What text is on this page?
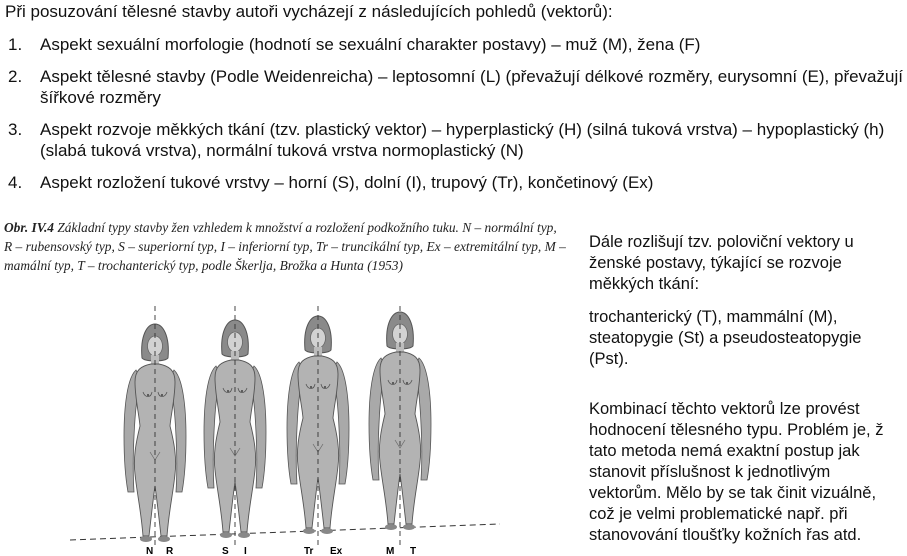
Při posuzování tělesné stavby autoři vycházejí z následujících pohledů (vektorů):
1. Aspekt sexuální morfologie (hodnotí se sexuální charakter postavy) – muž (M), žena (F)
2. Aspekt tělesné stavby (Podle Weidenreicha) – leptosomní (L) (převažují délkové rozměry, eurysomní (E), převažují šířkové rozměry
3. Aspekt rozvoje měkkých tkání (tzv. plastický vektor) – hyperplastický (H) (silná tuková vrstva) – hypoplastický (h) (slabá tuková vrstva), normální tuková vrstva normoplastický (N)
4. Aspekt rozložení tukové vrstvy – horní (S), dolní (I), trupový (Tr), končetinový (Ex)
Obr. IV.4 Základní typy stavby žen vzhledem k množství a rozložení podkožního tuku. N – normální typ, R – rubensovský typ, S – superiorní typ, I – inferiorní typ, Tr – truncikální typ, Ex – extremitální typ, M – mamální typ, T – trochanterický typ, podle Škerlja, Brožka a Hunta (1953)
N R	S I	Tr Ex	M T
Dále rozlišují tzv. poloviční vektory u ženské postavy, týkající se rozvoje měkkých tkání:
trochanterický (T), mammální (M), steatopygie (St) a pseudosteatopygie (Pst).
Kombinací těchto vektorů lze provést hodnocení tělesného typu. Problém je, ž tato metoda nemá exaktní postup jak stanovit příslušnost k jednotlivým vektorům. Mělo by se tak činit vizuálně, což je velmi problematické např. při stanovování tloušťky kožních řas atd.
